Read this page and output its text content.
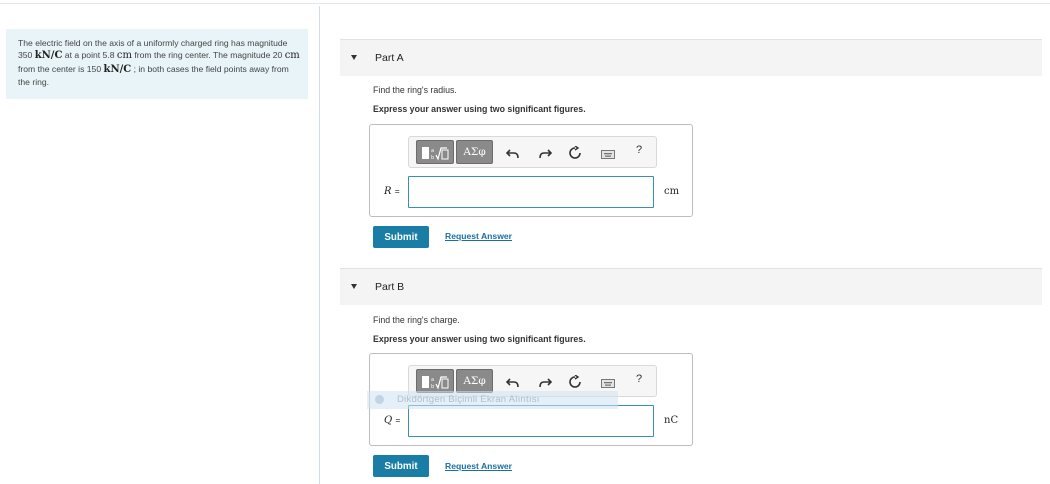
The electric field on the axis of a uniformly charged ring has magnitude 350 kN/C at a point 5.8 cm from the ring center. The magnitude 20 cm from the center is 150 kN/C ; in both cases the field points away from the ring.
Part A
Find the ring's radius.
Express your answer using two significant figures.
a
b	ΑΣφ	?
R =	cm
Submit	Request Answer
Part B
Find the ring's charge.
Express your answer using two significant figures.
a
b	ΑΣφ	?
Q =	nC
Dikdörtgen Biçimli Ekran Alıntısı
Submit	Request Answer
